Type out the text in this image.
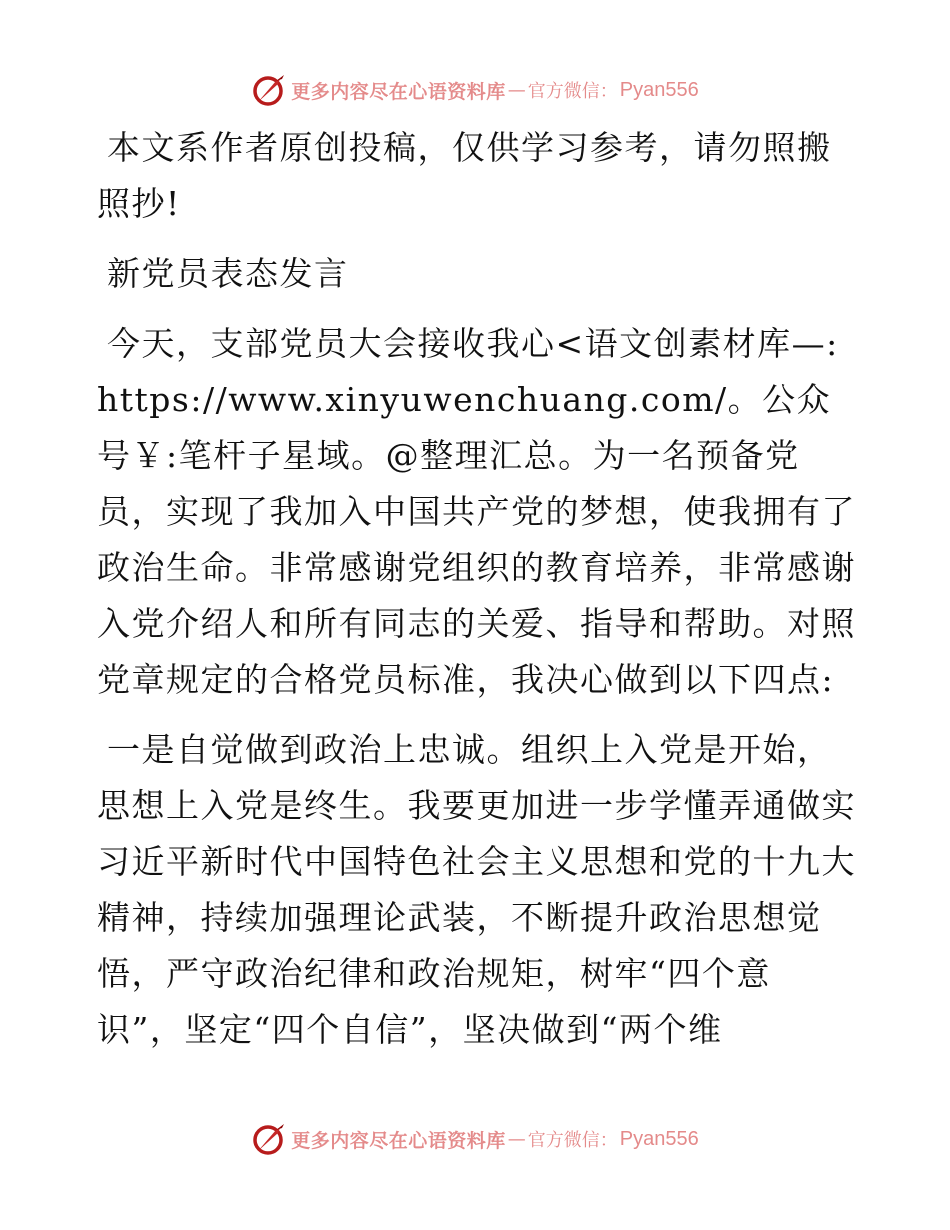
更多内容尽在心语资料库 — 官方微信： Pyan556

本文系作者原创投稿，仅供学习参考，请勿照搬照抄!

新党员表态发言

今天，支部党员大会接收我心<语文创素材库—:https://www.xinyuwenchuang.com/。公众号￥:笔杆子星域。@整理汇总。为一名预备党员，实现了我加入中国共产党的梦想，使我拥有了政治生命。非常感谢党组织的教育培养，非常感谢入党介绍人和所有同志的关爱、指导和帮助。对照党章规定的合格党员标准，我决心做到以下四点:

一是自觉做到政治上忠诚。组织上入党是开始，思想上入党是终生。我要更加进一步学懂弄通做实习近平新时代中国特色社会主义思想和党的十九大精神，持续加强理论武装，不断提升政治思想觉悟，严守政治纪律和政治规矩，树牢“四个意识”，坚定“四个自信”，坚决做到“两个维

更多内容尽在心语资料库 — 官方微信： Pyan556
